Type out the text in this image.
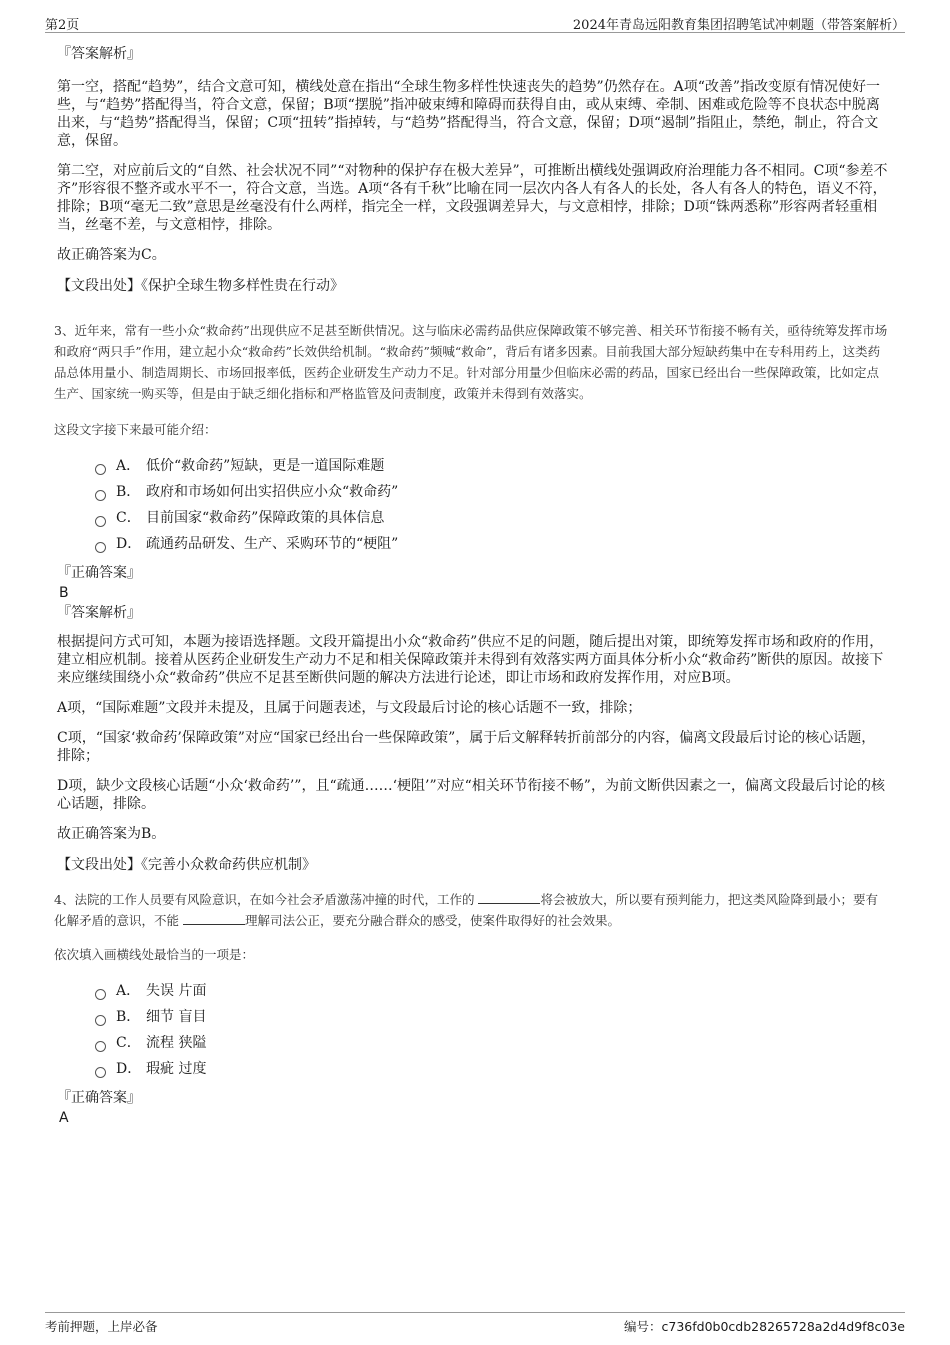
第2页	2024年青岛远阳教育集团招聘笔试冲刺题（带答案解析）

『答案解析』

第一空，搭配“趋势”，结合文意可知，横线处意在指出“全球生物多样性快速丧失的趋势”仍然存在。A项“改善”指改变原有情况使好一些，与“趋势”搭配得当，符合文意，保留；B项“摆脱”指冲破束缚和障碍而获得自由，或从束缚、牵制、困难或危险等不良状态中脱离出来，与“趋势”搭配得当，保留；C项“扭转”指掉转，与“趋势”搭配得当，符合文意，保留；D项“遏制”指阻止，禁绝，制止，符合文意，保留。

第二空，对应前后文的“自然、社会状况不同”“对物种的保护存在极大差异”，可推断出横线处强调政府治理能力各不相同。C项“参差不齐”形容很不整齐或水平不一，符合文意，当选。A项“各有千秋”比喻在同一层次内各人有各人的长处，各人有各人的特色，语义不符，排除；B项“毫无二致”意思是丝毫没有什么两样，指完全一样，文段强调差异大，与文意相悖，排除；D项“铢两悉称”形容两者轻重相当，丝毫不差，与文意相悖，排除。

故正确答案为C。

【文段出处】《保护全球生物多样性贵在行动》

3、近年来，常有一些小众“救命药”出现供应不足甚至断供情况。这与临床必需药品供应保障政策不够完善、相关环节衔接不畅有关，亟待统筹发挥市场和政府“两只手”作用，建立起小众“救命药”长效供给机制。“救命药”频喊“救命”，背后有诸多因素。目前我国大部分短缺药集中在专科用药上，这类药品总体用量小、制造周期长、市场回报率低，医药企业研发生产动力不足。针对部分用量少但临床必需的药品，国家已经出台一些保障政策，比如定点生产、国家统一购买等，但是由于缺乏细化指标和严格监管及问责制度，政策并未得到有效落实。

这段文字接下来最可能介绍：

A． 低价“救命药”短缺，更是一道国际难题
B． 政府和市场如何出实招供应小众“救命药”
C． 目前国家“救命药”保障政策的具体信息
D． 疏通药品研发、生产、采购环节的“梗阻”

『正确答案』

B

『答案解析』

根据提问方式可知，本题为接语选择题。文段开篇提出小众“救命药”供应不足的问题，随后提出对策，即统筹发挥市场和政府的作用，建立相应机制。接着从医药企业研发生产动力不足和相关保障政策并未得到有效落实两方面具体分析小众“救命药”断供的原因。故接下来应继续围绕小众“救命药”供应不足甚至断供问题的解决方法进行论述，即让市场和政府发挥作用，对应B项。

A项，“国际难题”文段并未提及，且属于问题表述，与文段最后讨论的核心话题不一致，排除；

C项，“国家‘救命药’保障政策”对应“国家已经出台一些保障政策”，属于后文解释转折前部分的内容，偏离文段最后讨论的核心话题，排除；

D项，缺少文段核心话题“小众‘救命药’”，且“疏通……‘梗阻’”对应“相关环节衔接不畅”，为前文断供因素之一，偏离文段最后讨论的核心话题，排除。

故正确答案为B。

【文段出处】《完善小众救命药供应机制》

4、法院的工作人员要有风险意识，在如今社会矛盾激荡冲撞的时代，工作的	将会被放大，所以要有预判能力，把这类风险降到最小；要有化解矛盾的意识，不能	理解司法公正，要充分融合群众的感受，使案件取得好的社会效果。

依次填入画横线处最恰当的一项是：

A． 失误 片面
B． 细节 盲目
C． 流程 狭隘
D． 瑕疵 过度

『正确答案』

A

考前押题，上岸必备	编号：c736fd0b0cdb28265728a2d4d9f8c03e
